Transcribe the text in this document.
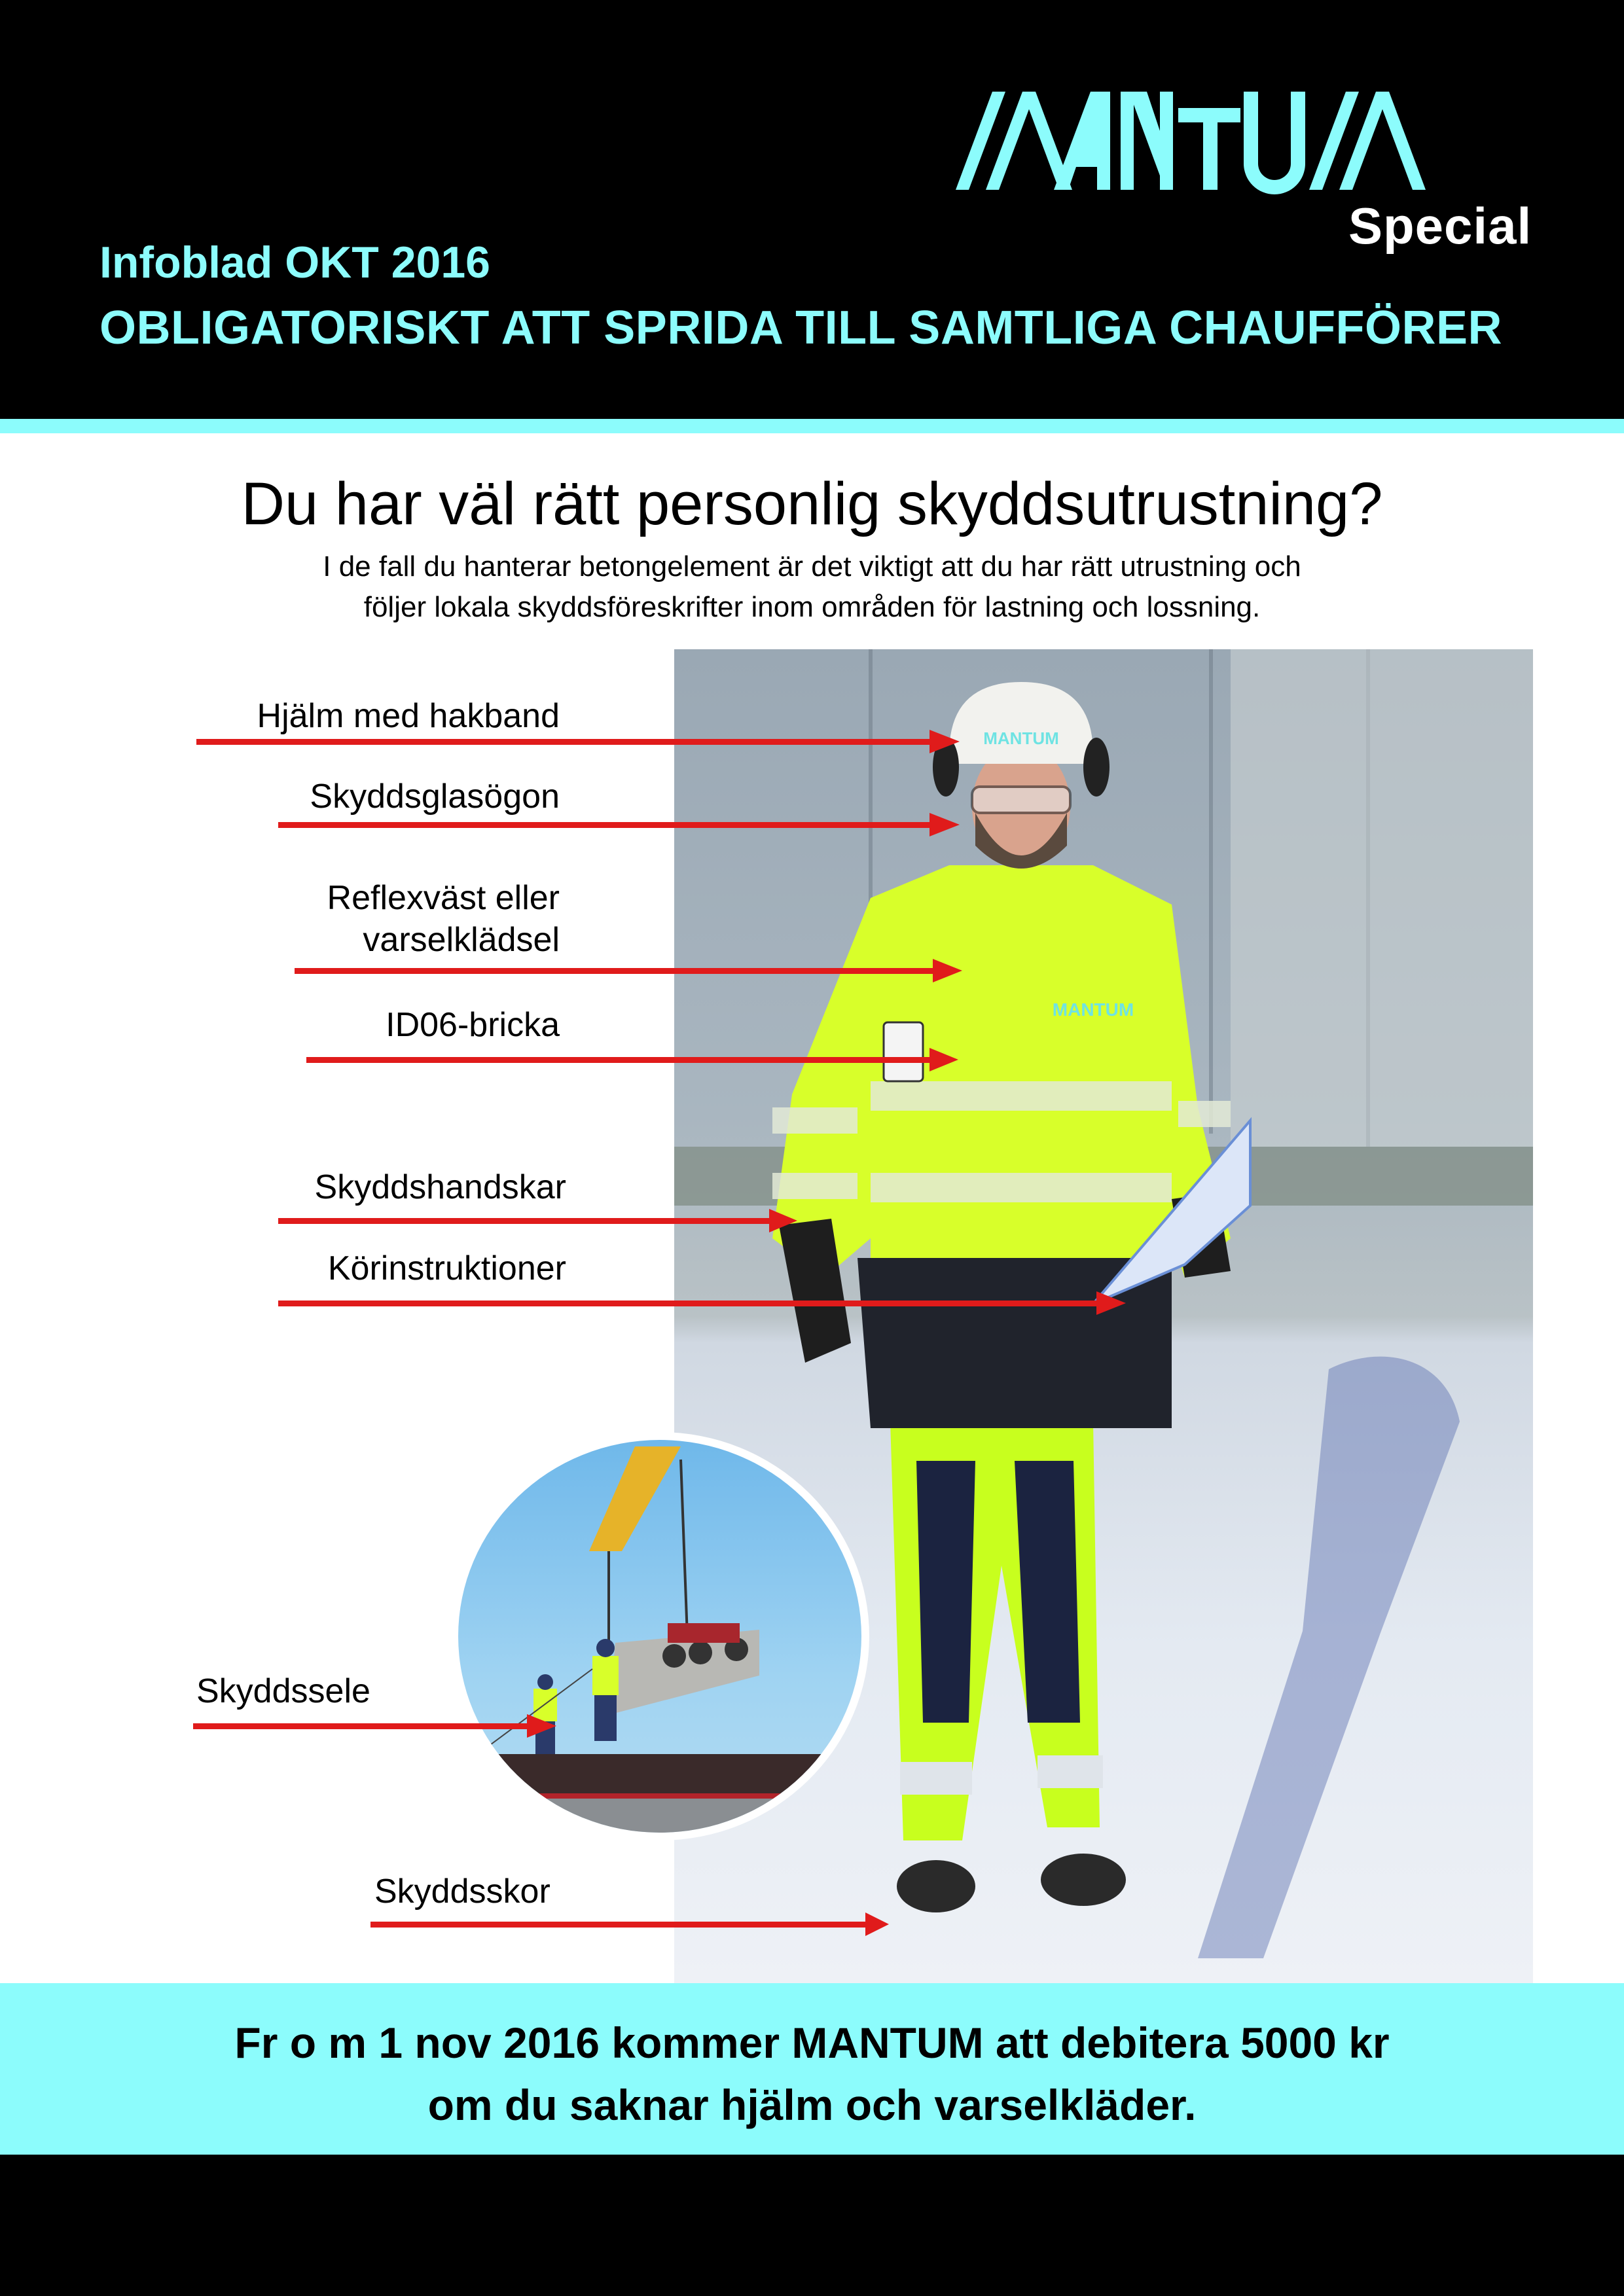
Special
Infoblad OKT 2016
OBLIGATORISKT ATT SPRIDA TILL SAMTLIGA CHAUFFÖRER
Du har väl rätt personlig skyddsutrustning?
I de fall du hanterar betongelement är det viktigt att du har rätt utrustning och
följer lokala skyddsföreskrifter inom områden för lastning och lossning.
MANTUM
MANTUM
Hjälm med hakband
Skyddsglasögon
Reflexväst eller
varselklädsel
ID06-bricka
Skyddshandskar
Körinstruktioner
Skyddssele
Skyddsskor
Fr o m 1 nov 2016 kommer MANTUM att debitera 5000 kr
om du saknar hjälm och varselkläder.
